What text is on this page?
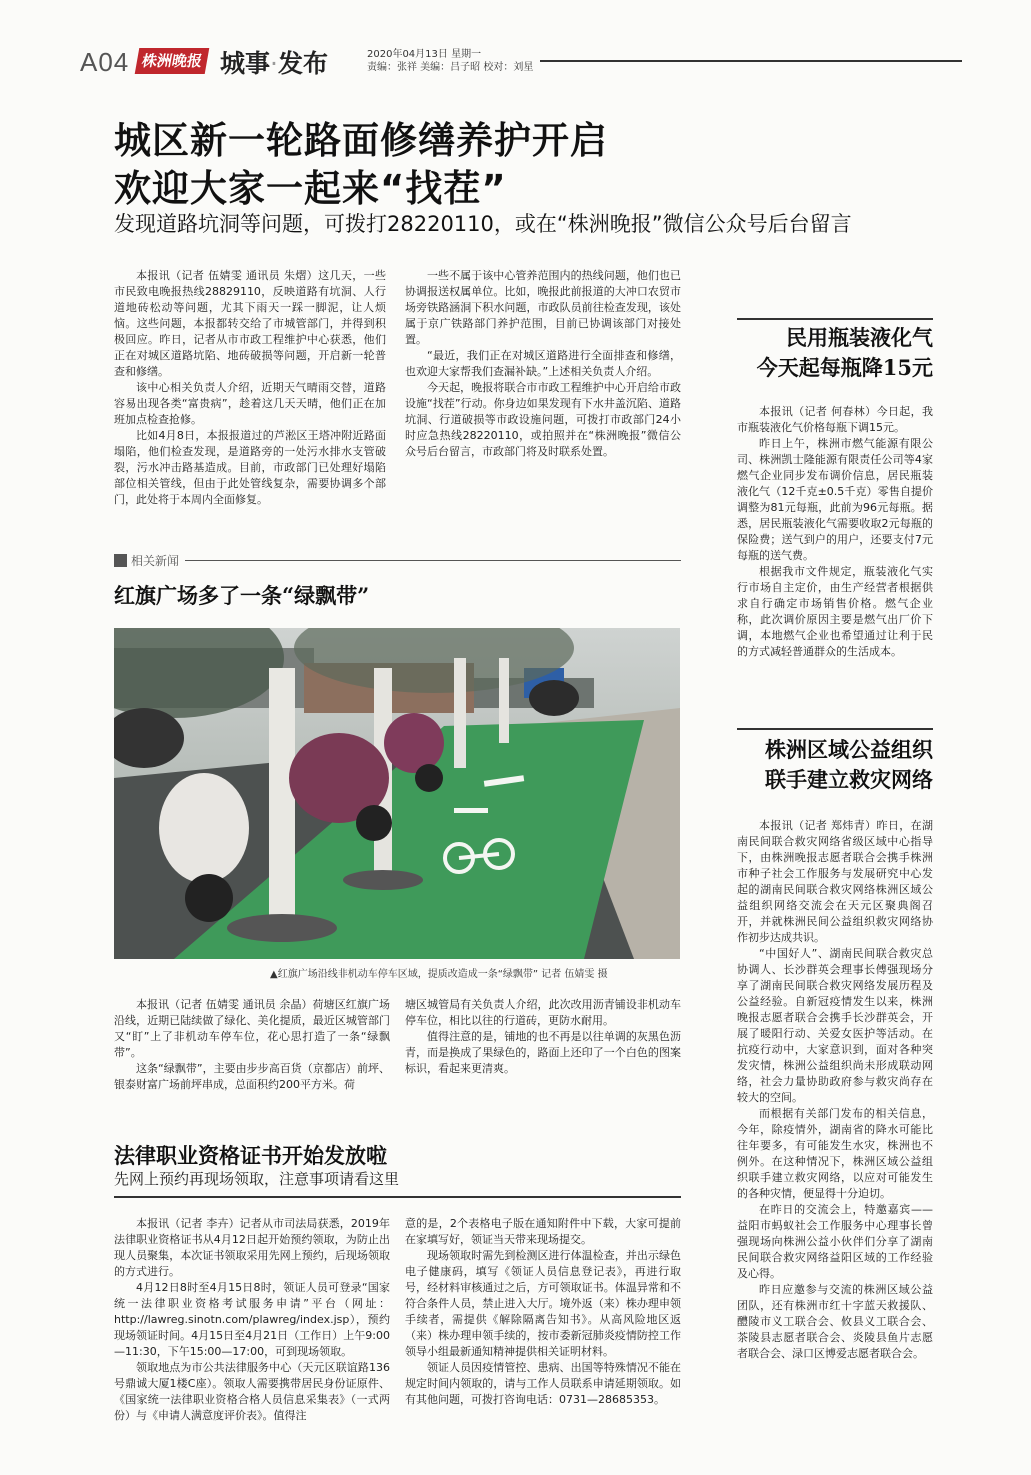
A04 株洲晚报 城事·发布	2020年04月13日 星期一
责编：张祥 美编：吕子昭 校对：刘星
城区新一轮路面修缮养护开启
欢迎大家一起来“找茬”
发现道路坑洞等问题，可拨打28220110，或在“株洲晚报”微信公众号后台留言

本报讯（记者 伍婧雯 通讯员 朱熠）这几天，一些市民致电晚报热线28829110，反映道路有坑洞、人行道地砖松动等问题，尤其下雨天一踩一脚泥，让人烦恼。这些问题，本报都转交给了市城管部门，并得到积极回应。昨日，记者从市市政工程维护中心获悉，他们正在对城区道路坑陷、地砖破损等问题，开启新一轮普查和修缮。

该中心相关负责人介绍，近期天气晴雨交替，道路容易出现各类“富贵病”，趁着这几天天晴，他们正在加班加点检查抢修。

比如4月8日，本报报道过的芦淞区王塔冲附近路面塌陷，他们检查发现，是道路旁的一处污水排水支管破裂，污水冲击路基造成。目前，市政部门已处理好塌陷部位相关管线，但由于此处管线复杂，需要协调多个部门，此处将于本周内全面修复。

一些不属于该中心管养范围内的热线问题，他们也已协调报送权属单位。比如，晚报此前报道的大冲口农贸市场旁铁路涵洞下积水问题，市政队员前往检查发现，该处属于京广铁路部门养护范围，目前已协调该部门对接处置。

“最近，我们正在对城区道路进行全面排查和修缮，也欢迎大家帮我们查漏补缺。”上述相关负责人介绍。

今天起，晚报将联合市市政工程维护中心开启给市政设施“找茬”行动。你身边如果发现有下水井盖沉陷、道路坑洞、行道破损等市政设施问题，可拨打市政部门24小时应急热线28220110，或拍照并在“株洲晚报”微信公众号后台留言，市政部门将及时联系处置。

民用瓶装液化气
今天起每瓶降15元

本报讯（记者 何春林）今日起，我市瓶装液化气价格每瓶下调15元。

昨日上午，株洲市燃气能源有限公司、株洲凯士隆能源有限责任公司等4家燃气企业同步发布调价信息，居民瓶装液化气（12千克±0.5千克）零售自提价调整为81元每瓶，此前为96元每瓶。据悉，居民瓶装液化气需要收取2元每瓶的保险费；送气到户的用户，还要支付7元每瓶的送气费。

根据我市文件规定，瓶装液化气实行市场自主定价，由生产经营者根据供求自行确定市场销售价格。燃气企业称，此次调价原因主要是燃气出厂价下调，本地燃气企业也希望通过让利于民的方式减轻普通群众的生活成本。

株洲区域公益组织
联手建立救灾网络

本报讯（记者 郑炜青）昨日，在湖南民间联合救灾网络省级区域中心指导下，由株洲晚报志愿者联合会携手株洲市种子社会工作服务与发展研究中心发起的湖南民间联合救灾网络株洲区域公益组织网络交流会在天元区聚典阁召开，并就株洲民间公益组织救灾网络协作初步达成共识。

“中国好人”、湖南民间联合救灾总协调人、长沙群英会理事长傅强现场分享了湖南民间联合救灾网络发展历程及公益经验。自新冠疫情发生以来，株洲晚报志愿者联合会携手长沙群英会，开展了暖阳行动、关爱女医护等活动。在抗疫行动中，大家意识到，面对各种突发灾情，株洲公益组织尚未形成联动网络，社会力量协助政府参与救灾尚存在较大的空间。

而根据有关部门发布的相关信息，今年，除疫情外，湖南省的降水可能比往年要多，有可能发生水灾，株洲也不例外。在这种情况下，株洲区域公益组织联手建立救灾网络，以应对可能发生的各种灾情，便显得十分迫切。

在昨日的交流会上，特邀嘉宾——益阳市蚂蚁社会工作服务中心理事长曾强现场向株洲公益小伙伴们分享了湖南民间联合救灾网络益阳区域的工作经验及心得。

昨日应邀参与交流的株洲区域公益团队，还有株洲市红十字蓝天救援队、醴陵市义工联合会、攸县义工联合会、茶陵县志愿者联合会、炎陵县鱼片志愿者联合会、渌口区博爱志愿者联合会。

相关新闻
红旗广场多了一条“绿飘带”
▲红旗广场沿线非机动车停车区域，提质改造成一条“绿飘带” 记者 伍婧雯 摄

本报讯（记者 伍婧雯 通讯员 余晶）荷塘区红旗广场沿线，近期已陆续做了绿化、美化提质，最近区城管部门又“盯”上了非机动车停车位，花心思打造了一条“绿飘带”。

这条“绿飘带”，主要由步步高百货（京都店）前坪、银泰财富广场前坪串成，总面积约200平方米。荷

塘区城管局有关负责人介绍，此次改用沥青铺设非机动车停车位，相比以往的行道砖，更防水耐用。

值得注意的是，铺地的也不再是以往单调的灰黑色沥青，而是换成了果绿色的，路面上还印了一个白色的图案标识，看起来更清爽。

法律职业资格证书开始发放啦
先网上预约再现场领取，注意事项请看这里

本报讯（记者 李卉）记者从市司法局获悉，2019年法律职业资格证书从4月12日起开始预约领取，为防止出现人员聚集，本次证书领取采用先网上预约，后现场领取的方式进行。

4月12日8时至4月15日8时，领证人员可登录“国家统一法律职业资格考试服务申请”平台（网址：http://lawreg.sinotn.com/plawreg/index.jsp），预约现场领证时间。4月15日至4月21日（工作日）上午9:00—11:30，下午15:00—17:00，可到现场领取。

领取地点为市公共法律服务中心（天元区联谊路136号鼎诚大厦1楼C座）。领取人需要携带居民身份证原件、《国家统一法律职业资格合格人员信息采集表》（一式两份）与《申请人满意度评价表》。值得注

意的是，2个表格电子版在通知附件中下载，大家可提前在家填写好，领证当天带来现场提交。

现场领取时需先到检测区进行体温检查，并出示绿色电子健康码，填写《领证人员信息登记表》，再进行取号，经材料审核通过之后，方可领取证书。体温异常和不符合条件人员，禁止进入大厅。境外返（来）株办理申领手续者，需提供《解除隔离告知书》。从高风险地区返（来）株办理申领手续的，按市委新冠肺炎疫情防控工作领导小组最新通知精神提供相关证明材料。

领证人员因疫情管控、患病、出国等特殊情况不能在规定时间内领取的，请与工作人员联系申请延期领取。如有其他问题，可拨打咨询电话：0731—28685353。
